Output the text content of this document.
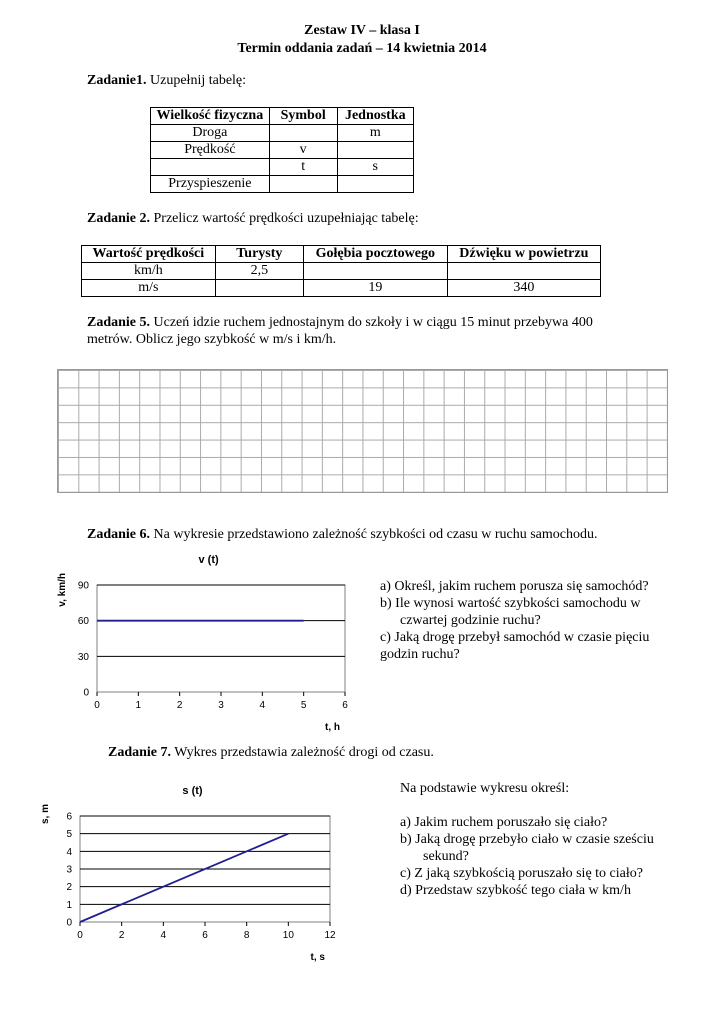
Zestaw IV – klasa I
Termin oddania zadań – 14 kwietnia 2014
Zadanie1. Uzupełnij tabelę:
Wielkość fizyczna	Symbol	Jednostka
Droga		m
Prędkość	v	
	t	s
Przyspieszenie		
Zadanie 2. Przelicz wartość prędkości uzupełniając tabelę:
Wartość prędkości	Turysty	Gołębia pocztowego	Dźwięku w powietrzu
km/h	2,5		
m/s		19	340
Zadanie 5. Uczeń idzie ruchem jednostajnym do szkoły i w ciągu 15 minut przebywa 400
metrów. Oblicz jego szybkość w m/s i km/h.
Zadanie 6. Na wykresie przedstawiono zależność szybkości od czasu w ruchu samochodu.
0
30
60
90
0	1	2	3	4	5	6
v (t)
t, h
v, km/h	a) Określ, jakim ruchem porusza się samochód?
b) Ile wynosi wartość szybkości samochodu w
czwartej godzinie ruchu?
c) Jaką drogę przebył samochód w czasie pięciu
godzin ruchu?
Zadanie 7. Wykres przedstawia zależność drogi od czasu.
0
1
2
3
4
5
6
0	2	4	6	8	10	12
s (t)
t, s
s, m
Na podstawie wykresu określ:
a) Jakim ruchem poruszało się ciało?
b) Jaką drogę przebyło ciało w czasie sześciu
sekund?
c) Z jaką szybkością poruszało się to ciało?
d) Przedstaw szybkość tego ciała w km/h
